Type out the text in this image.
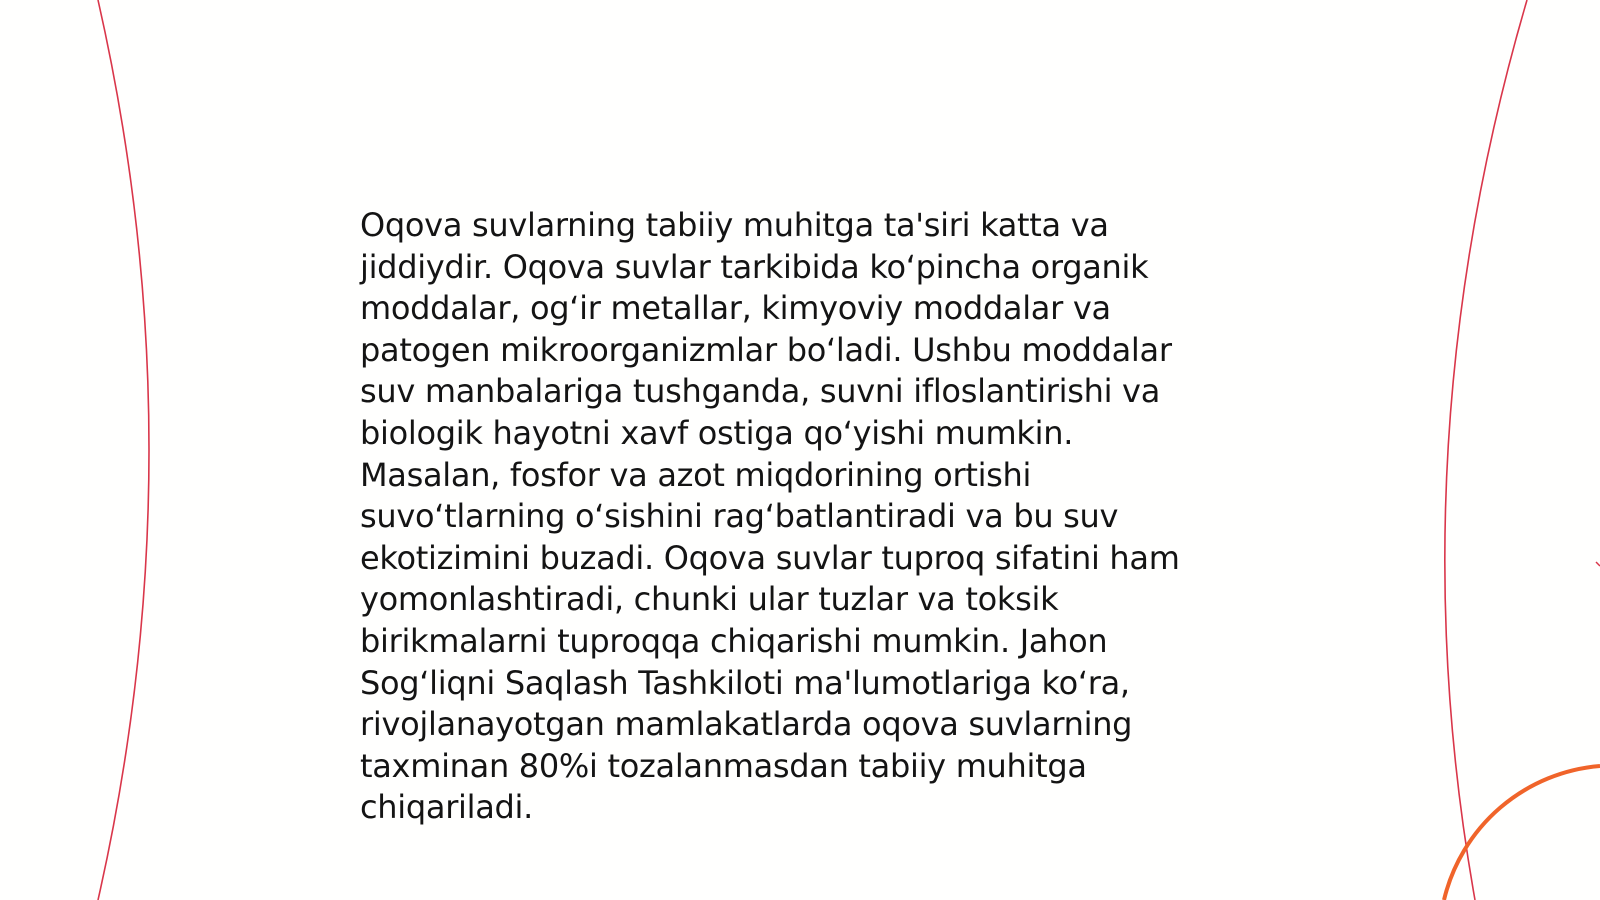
Oqova suvlarning tabiiy muhitga ta'siri katta va
jiddiydir. Oqova suvlar tarkibida ko‘pincha organik
moddalar, og‘ir metallar, kimyoviy moddalar va
patogen mikroorganizmlar bo‘ladi. Ushbu moddalar
suv manbalariga tushganda, suvni ifloslantirishi va
biologik hayotni xavf ostiga qo‘yishi mumkin.
Masalan, fosfor va azot miqdorining ortishi
suvo‘tlarning o‘sishini rag‘batlantiradi va bu suv
ekotizimini buzadi. Oqova suvlar tuproq sifatini ham
yomonlashtiradi, chunki ular tuzlar va toksik
birikmalarni tuproqqa chiqarishi mumkin. Jahon
Sog‘liqni Saqlash Tashkiloti ma'lumotlariga ko‘ra,
rivojlanayotgan mamlakatlarda oqova suvlarning
taxminan 80%i tozalanmasdan tabiiy muhitga
chiqariladi.
